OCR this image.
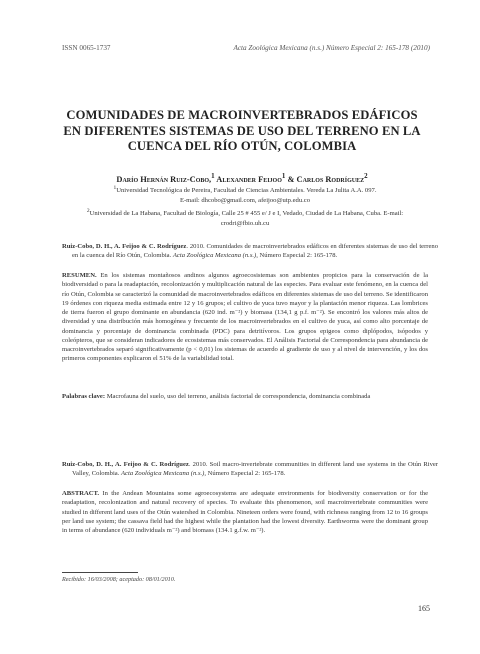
ISSN 0065-1737	Acta Zoológica Mexicana (n.s.) Número Especial 2: 165-178 (2010)
COMUNIDADES DE MACROINVERTEBRADOS EDÁFICOS EN DIFERENTES SISTEMAS DE USO DEL TERRENO EN LA CUENCA DEL RÍO OTÚN, COLOMBIA
Darío Hernán Ruiz-Cobo,$^1$ Alexander Feijoo$^1$ & Carlos Rodríguez$^2$
$^1$Universidad Tecnológica de Pereira, Facultad de Ciencias Ambientales. Vereda La Julita A.A. 097.
E-mail: dhcobo@gmail.com, afeijoo@utp.edu.co
$^2$Universidad de La Habana, Facultad de Biología, Calle 25 # 455 e/ J e I, Vedado, Ciudad de La Habana, Cuba. E-mail: crodri@fbio.uh.cu
Ruiz-Cobo, D. H., A. Feijoo & C. Rodríguez. 2010. Comunidades de macroinvertebrados edáficos en diferentes sistemas de uso del terreno en la cuenca del Río Otún, Colombia. Acta Zoológica Mexicana (n.s.), Número Especial 2: 165-178.
RESUMEN. En los sistemas montañosos andinos algunos agroecosistemas son ambientes propicios para la conservación de la biodiversidad o para la readaptación, recolonización y multiplicación natural de las especies. Para evaluar este fenómeno, en la cuenca del río Otún, Colombia se caracterizó la comunidad de macroinvertebrados edáficos en diferentes sistemas de uso del terreno. Se identificaron 19 órdenes con riqueza media estimada entre 12 y 16 grupos; el cultivo de yuca tuvo mayor y la plantación menor riqueza. Las lombrices de tierra fueron el grupo dominante en abundancia (620 ind. m⁻²) y biomasa (134,1 g p.f. m⁻²). Se encontró los valores más altos de diversidad y una distribución más homogénea y frecuente de los macroinvertebrados en el cultivo de yuca, así como alto porcentaje de dominancia y porcentaje de dominancia combinada (PDC) para detritívoros. Los grupos epigeos como diplópodos, isópodos y coleópteros, que se consideran indicadores de ecosistemas más conservados. El Análisis Factorial de Correspondencia para abundancia de macroinvertebrados separó significativamente (p < 0,01) los sistemas de acuerdo al gradiente de uso y al nivel de intervención, y los dos primeros componentes explicaron el 51% de la variabilidad total.
Palabras clave: Macrofauna del suelo, uso del terreno, análisis factorial de correspondencia, dominancia combinada
Ruiz-Cobo, D. H., A. Feijoo & C. Rodríguez. 2010. Soil macro-invertebrate communities in different land use systems in the Otún River Valley, Colombia. Acta Zoológica Mexicana (n.s.), Número Especial 2: 165-178.
ABSTRACT. In the Andean Mountains some agroecosystems are adequate environments for biodiversity conservation or for the readaptation, recolonization and natural recovery of species. To evaluate this phenomenon, soil macroinvertebrate communities were studied in different land uses of the Otún watershed in Colombia. Nineteen orders were found, with richness ranging from 12 to 16 groups per land use system; the cassava field had the highest while the plantation had the lowest diversity. Earthworms were the dominant group in terms of abundance (620 individuals m⁻²) and biomass (134.1 g.f.w. m⁻²).
Recibido: 16/03/2008; aceptado: 08/01/2010.
165
